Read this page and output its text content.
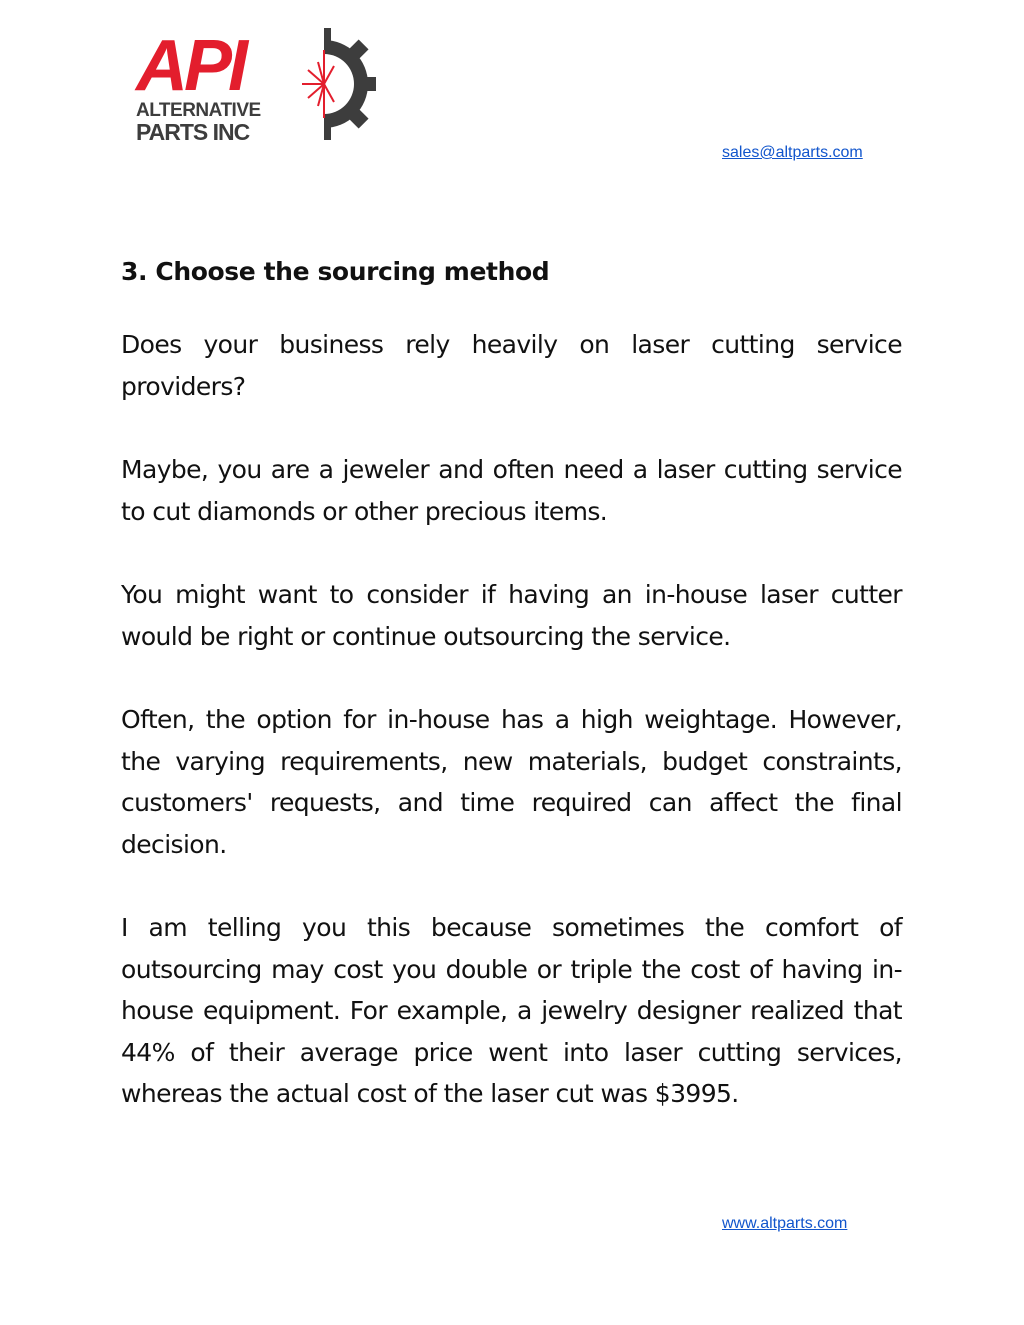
API
ALTERNATIVE
PARTS INC
sales@altparts.com
3. Choose the sourcing method

Does your business rely heavily on laser cutting service providers?

Maybe, you are a jeweler and often need a laser cutting service to cut diamonds or other precious items.

You might want to consider if having an in-house laser cutter would be right or continue outsourcing the service.

Often, the option for in-house has a high weightage. However, the varying requirements, new materials, budget constraints, customers' requests, and time required can affect the final decision.

I am telling you this because sometimes the comfort of outsourcing may cost you double or triple the cost of having in-house equipment. For example, a jewelry designer realized that 44% of their average price went into laser cutting services, whereas the actual cost of the laser cut was $3995.

www.altparts.com
